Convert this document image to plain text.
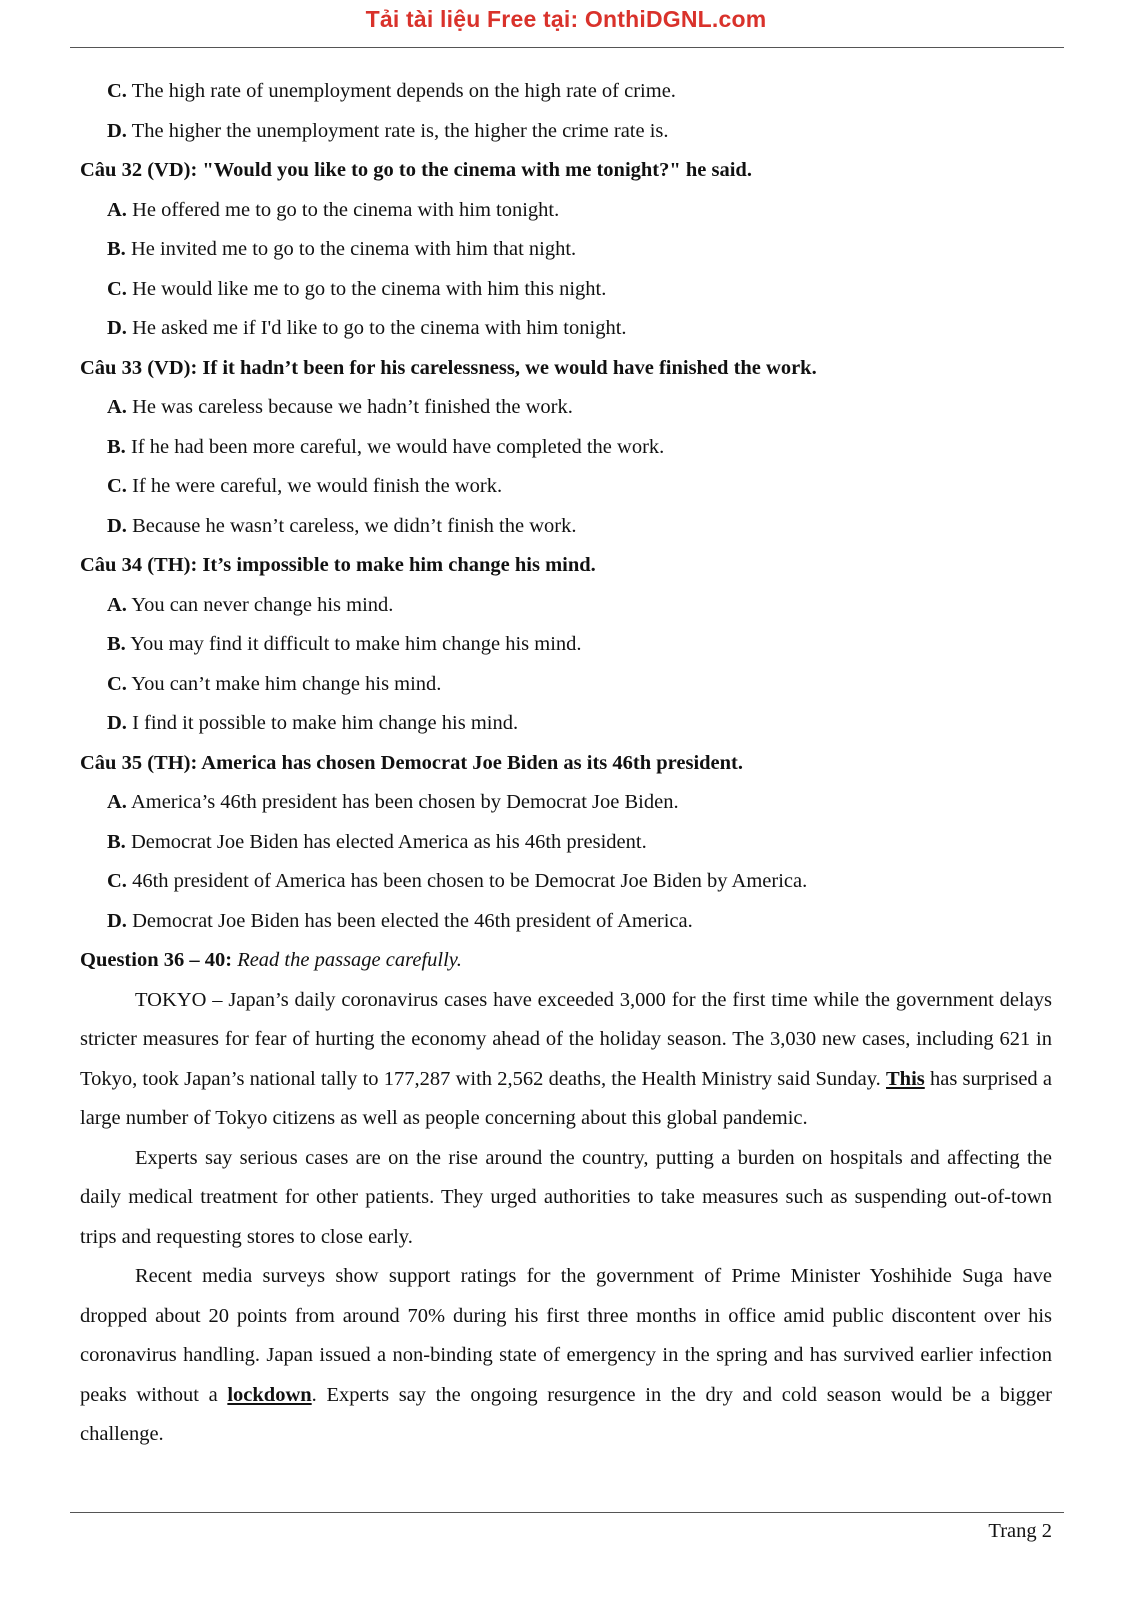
Tải tài liệu Free tại: OnthiDGNL.com
C. The high rate of unemployment depends on the high rate of crime.
D. The higher the unemployment rate is, the higher the crime rate is.
Câu 32 (VD): "Would you like to go to the cinema with me tonight?" he said.
A. He offered me to go to the cinema with him tonight.
B. He invited me to go to the cinema with him that night.
C. He would like me to go to the cinema with him this night.
D. He asked me if I'd like to go to the cinema with him tonight.
Câu 33 (VD): If it hadn’t been for his carelessness, we would have finished the work.
A. He was careless because we hadn’t finished the work.
B. If he had been more careful, we would have completed the work.
C. If he were careful, we would finish the work.
D. Because he wasn’t careless, we didn’t finish the work.
Câu 34 (TH): It’s impossible to make him change his mind.
A. You can never change his mind.
B. You may find it difficult to make him change his mind.
C. You can’t make him change his mind.
D. I find it possible to make him change his mind.
Câu 35 (TH): America has chosen Democrat Joe Biden as its 46th president.
A. America’s 46th president has been chosen by Democrat Joe Biden.
B. Democrat Joe Biden has elected America as his 46th president.
C. 46th president of America has been chosen to be Democrat Joe Biden by America.
D. Democrat Joe Biden has been elected the 46th president of America.
Question 36 – 40: Read the passage carefully.

TOKYO – Japan’s daily coronavirus cases have exceeded 3,000 for the first time while the government delays stricter measures for fear of hurting the economy ahead of the holiday season. The 3,030 new cases, including 621 in Tokyo, took Japan’s national tally to 177,287 with 2,562 deaths, the Health Ministry said Sunday. This has surprised a large number of Tokyo citizens as well as people concerning about this global pandemic.

Experts say serious cases are on the rise around the country, putting a burden on hospitals and affecting the daily medical treatment for other patients. They urged authorities to take measures such as suspending out-of-town trips and requesting stores to close early.

Recent media surveys show support ratings for the government of Prime Minister Yoshihide Suga have dropped about 20 points from around 70% during his first three months in office amid public discontent over his coronavirus handling. Japan issued a non-binding state of emergency in the spring and has survived earlier infection peaks without a lockdown. Experts say the ongoing resurgence in the dry and cold season would be a bigger challenge.

Trang 2
